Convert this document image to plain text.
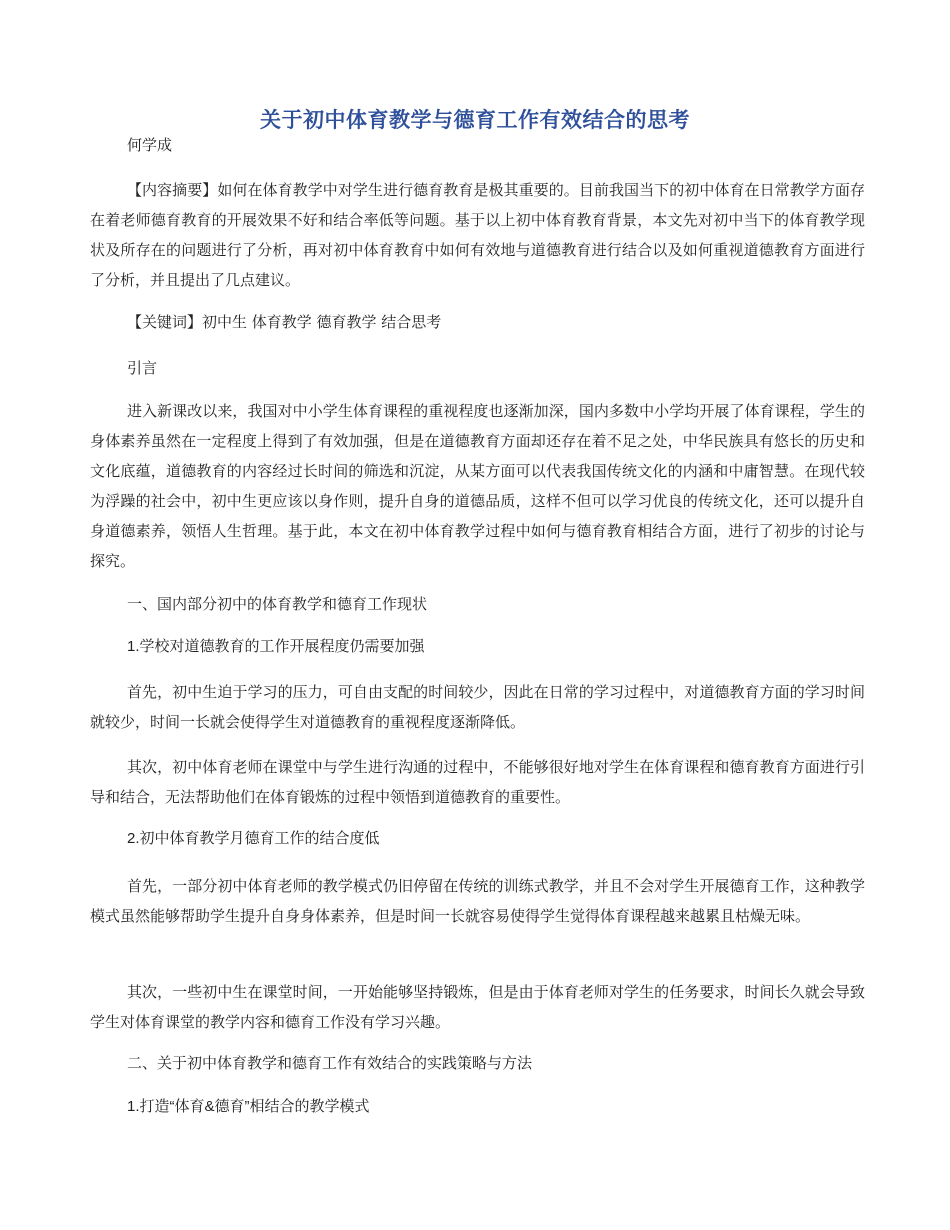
关于初中体育教学与德育工作有效结合的思考
何学成

【内容摘要】如何在体育教学中对学生进行德育教育是极其重要的。目前我国当下的初中体育在日常教学方面存在着老师德育教育的开展效果不好和结合率低等问题。基于以上初中体育教育背景，本文先对初中当下的体育教学现状及所存在的问题进行了分析，再对初中体育教育中如何有效地与道德教育进行结合以及如何重视道德教育方面进行了分析，并且提出了几点建议。

【关键词】初中生 体育教学 德育教学 结合思考

引言

进入新课改以来，我国对中小学生体育课程的重视程度也逐渐加深，国内多数中小学均开展了体育课程，学生的身体素养虽然在一定程度上得到了有效加强，但是在道德教育方面却还存在着不足之处，中华民族具有悠长的历史和文化底蕴，道德教育的内容经过长时间的筛选和沉淀，从某方面可以代表我国传统文化的内涵和中庸智慧。在现代较为浮躁的社会中，初中生更应该以身作则，提升自身的道德品质，这样不但可以学习优良的传统文化，还可以提升自身道德素养，领悟人生哲理。基于此，本文在初中体育教学过程中如何与德育教育相结合方面，进行了初步的讨论与探究。

一、国内部分初中的体育教学和德育工作现状

1.学校对道德教育的工作开展程度仍需要加强

首先，初中生迫于学习的压力，可自由支配的时间较少，因此在日常的学习过程中，对道德教育方面的学习时间就较少，时间一长就会使得学生对道德教育的重视程度逐渐降低。

其次，初中体育老师在课堂中与学生进行沟通的过程中，不能够很好地对学生在体育课程和德育教育方面进行引导和结合，无法帮助他们在体育锻炼的过程中领悟到道德教育的重要性。

2.初中体育教学月德育工作的结合度低

首先，一部分初中体育老师的教学模式仍旧停留在传统的训练式教学，并且不会对学生开展德育工作，这种教学模式虽然能够帮助学生提升自身身体素养，但是时间一长就容易使得学生觉得体育课程越来越累且枯燥无味。

其次，一些初中生在课堂时间，一开始能够坚持锻炼，但是由于体育老师对学生的任务要求，时间长久就会导致学生对体育课堂的教学内容和德育工作没有学习兴趣。

二、关于初中体育教学和德育工作有效结合的实践策略与方法

1.打造“体育&德育”相结合的教学模式
